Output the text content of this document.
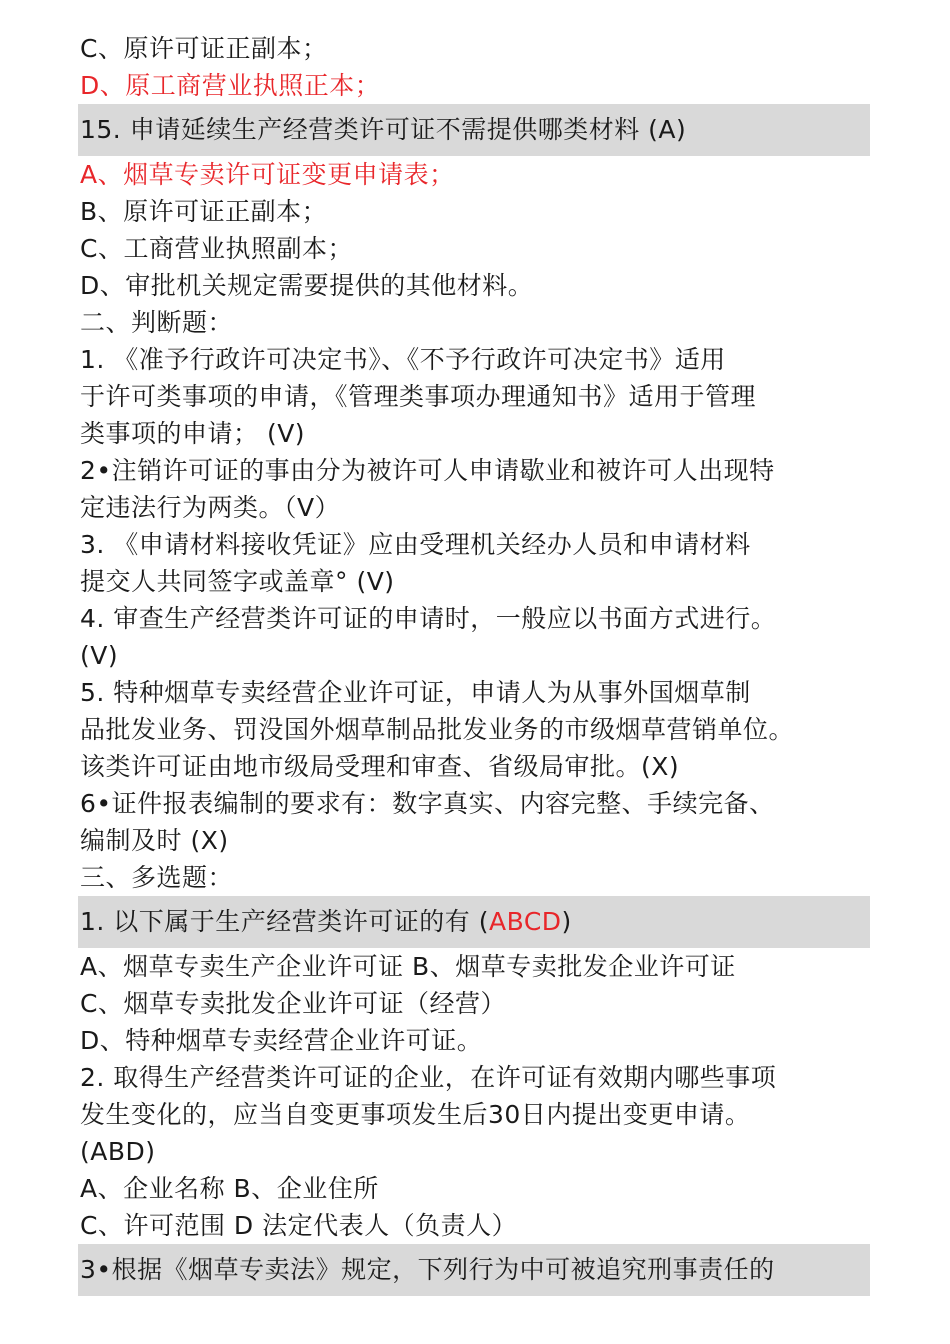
C、原许可证正副本；
D、原工商营业执照正本；
15. 申请延续生产经营类许可证不需提供哪类材料 (A)
A、烟草专卖许可证变更申请表；
B、原许可证正副本；
C、工商营业执照副本；
D、审批机关规定需要提供的其他材料。
二、判断题：
1. 《准予行政许可决定书》、《不予行政许可决定书》适用
于许可类事项的申请，《管理类事项办理通知书》适用于管理
类事项的申请； (V)
2•注销许可证的事由分为被许可人申请歇业和被许可人出现特
定违法行为两类。（V）
3. 《申请材料接收凭证》应由受理机关经办人员和申请材料
提交人共同签字或盖章° (V)
4. 审查生产经营类许可证的申请时，一般应以书面方式进行。
(V)
5. 特种烟草专卖经营企业许可证，申请人为从事外国烟草制
品批发业务、罚没国外烟草制品批发业务的市级烟草营销单位。
该类许可证由地市级局受理和审查、省级局审批。(X)
6•证件报表编制的要求有：数字真实、内容完整、手续完备、
编制及时 (X)
三、多选题：
1. 以下属于生产经营类许可证的有 (ABCD)
A、烟草专卖生产企业许可证 B、烟草专卖批发企业许可证
C、烟草专卖批发企业许可证（经营）
D、特种烟草专卖经营企业许可证。
2. 取得生产经营类许可证的企业，在许可证有效期内哪些事项
发生变化的，应当自变更事项发生后30日内提出变更申请。
(ABD)
A、企业名称 B、企业住所
C、许可范围 D 法定代表人（负责人）
3•根据《烟草专卖法》规定，下列行为中可被追究刑事责任的
